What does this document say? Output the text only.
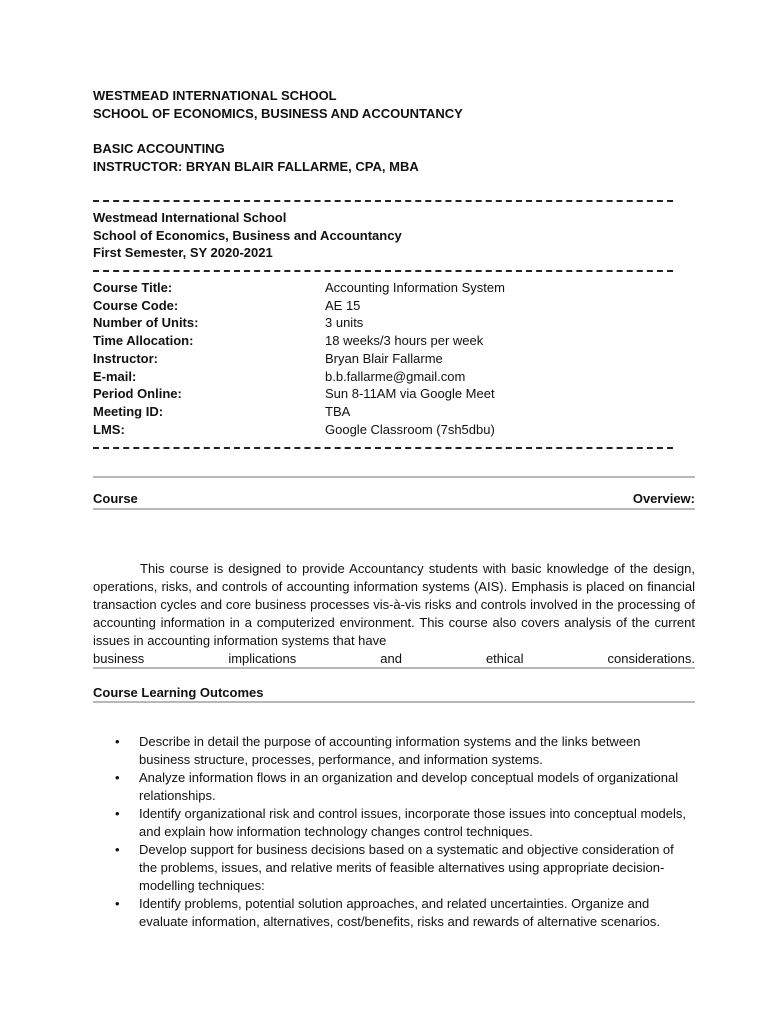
WESTMEAD INTERNATIONAL SCHOOL
SCHOOL OF ECONOMICS, BUSINESS AND ACCOUNTANCY
BASIC ACCOUNTING
INSTRUCTOR: BRYAN BLAIR FALLARME, CPA, MBA
Westmead International School
School of Economics, Business and Accountancy
First Semester, SY 2020-2021
Course Title:	Accounting Information System
Course Code:	AE 15
Number of Units:	3 units
Time Allocation:	18 weeks/3 hours per week
Instructor:	Bryan Blair Fallarme
E-mail:	b.b.fallarme@gmail.com
Period Online:	Sun 8-11AM via Google Meet
Meeting ID:	TBA
LMS:	Google Classroom (7sh5dbu)
Course	Overview:
This course is designed to provide Accountancy students with basic knowledge of the design, operations, risks, and controls of accounting information systems (AIS). Emphasis is placed on financial transaction cycles and core business processes vis-à-vis risks and controls involved in the processing of accounting information in a computerized environment. This course also covers analysis of the current issues in accounting information systems that have
business implications and ethical considerations.
Course Learning Outcomes
• Describe in detail the purpose of accounting information systems and the links between business structure, processes, performance, and information systems.
• Analyze information flows in an organization and develop conceptual models of organizational relationships.
• Identify organizational risk and control issues, incorporate those issues into conceptual models, and explain how information technology changes control techniques.
• Develop support for business decisions based on a systematic and objective consideration of the problems, issues, and relative merits of feasible alternatives using appropriate decision-modelling techniques:
• Identify problems, potential solution approaches, and related uncertainties. Organize and evaluate information, alternatives, cost/benefits, risks and rewards of alternative scenarios.
